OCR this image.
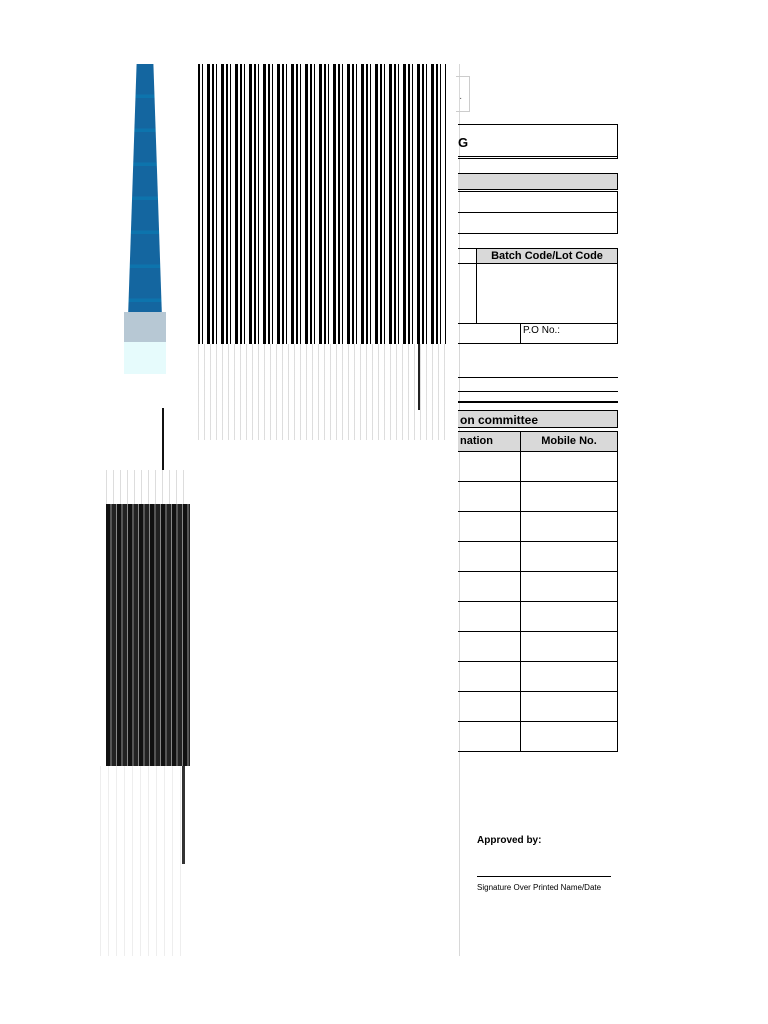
·
G
Batch Code/Lot Code
P.O No.:
on committee
nation	Mobile No.
Approved by:
Signature Over Printed Name/Date
